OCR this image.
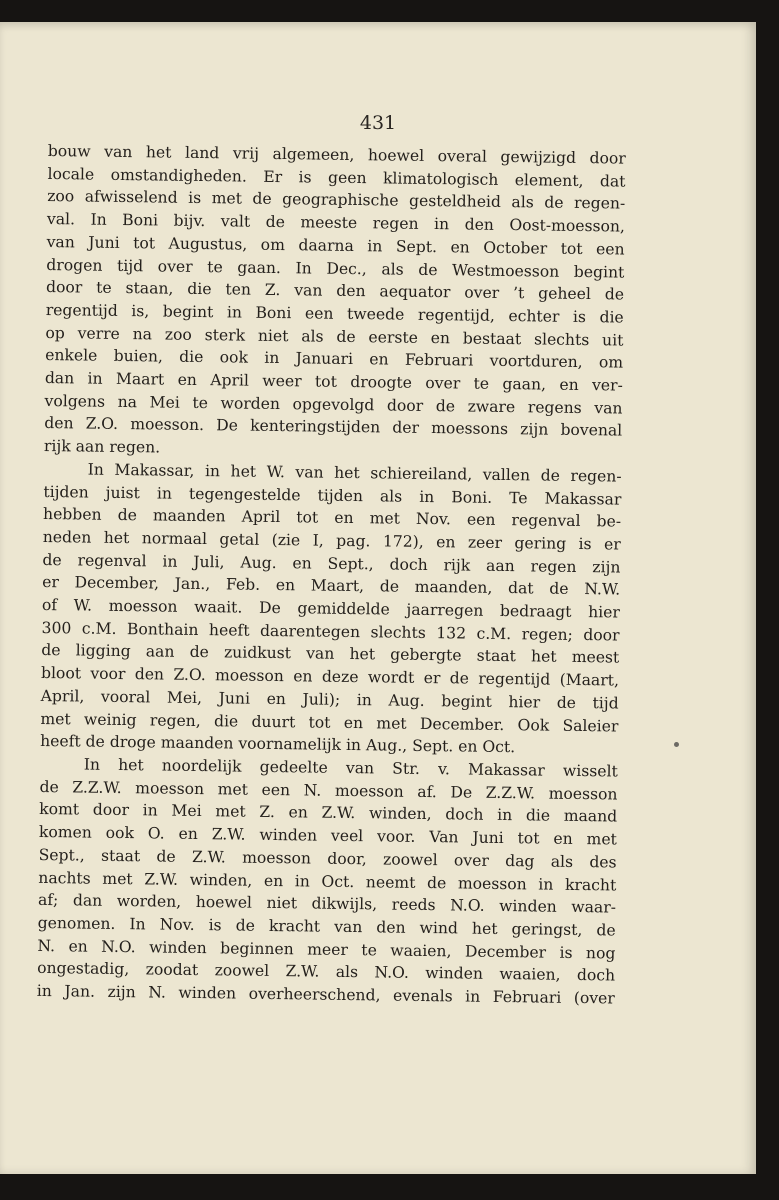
431
bouw van het land vrij algemeen, hoewel overal gewijzigd door
locale omstandigheden. Er is geen klimatologisch element, dat
zoo afwisselend is met de geographische gesteldheid als de regen-
val. In Boni bijv. valt de meeste regen in den Oost-moesson,
van Juni tot Augustus, om daarna in Sept. en October tot een
drogen tijd over te gaan. In Dec., als de Westmoesson begint
door te staan, die ten Z. van den aequator over ’t geheel de
regentijd is, begint in Boni een tweede regentijd, echter is die
op verre na zoo sterk niet als de eerste en bestaat slechts uit
enkele buien, die ook in Januari en Februari voortduren, om
dan in Maart en April weer tot droogte over te gaan, en ver-
volgens na Mei te worden opgevolgd door de zware regens van
den Z.O. moesson. De kenteringstijden der moessons zijn bovenal
rijk aan regen.
In Makassar, in het W. van het schiereiland, vallen de regen-
tijden juist in tegengestelde tijden als in Boni. Te Makassar
hebben de maanden April tot en met Nov. een regenval be-
neden het normaal getal (zie I, pag. 172), en zeer gering is er
de regenval in Juli, Aug. en Sept., doch rijk aan regen zijn
er December, Jan., Feb. en Maart, de maanden, dat de N.W.
of W. moesson waait. De gemiddelde jaarregen bedraagt hier
300 c.M. Bonthain heeft daarentegen slechts 132 c.M. regen; door
de ligging aan de zuidkust van het gebergte staat het meest
bloot voor den Z.O. moesson en deze wordt er de regentijd (Maart,
April, vooral Mei, Juni en Juli); in Aug. begint hier de tijd
met weinig regen, die duurt tot en met December. Ook Saleier
heeft de droge maanden voornamelijk in Aug., Sept. en Oct.
In het noordelijk gedeelte van Str. v. Makassar wisselt
de Z.Z.W. moesson met een N. moesson af. De Z.Z.W. moesson
komt door in Mei met Z. en Z.W. winden, doch in die maand
komen ook O. en Z.W. winden veel voor. Van Juni tot en met
Sept., staat de Z.W. moesson door, zoowel over dag als des
nachts met Z.W. winden, en in Oct. neemt de moesson in kracht
af; dan worden, hoewel niet dikwijls, reeds N.O. winden waar-
genomen. In Nov. is de kracht van den wind het geringst, de
N. en N.O. winden beginnen meer te waaien, December is nog
ongestadig, zoodat zoowel Z.W. als N.O. winden waaien, doch
in Jan. zijn N. winden overheerschend, evenals in Februari (over
